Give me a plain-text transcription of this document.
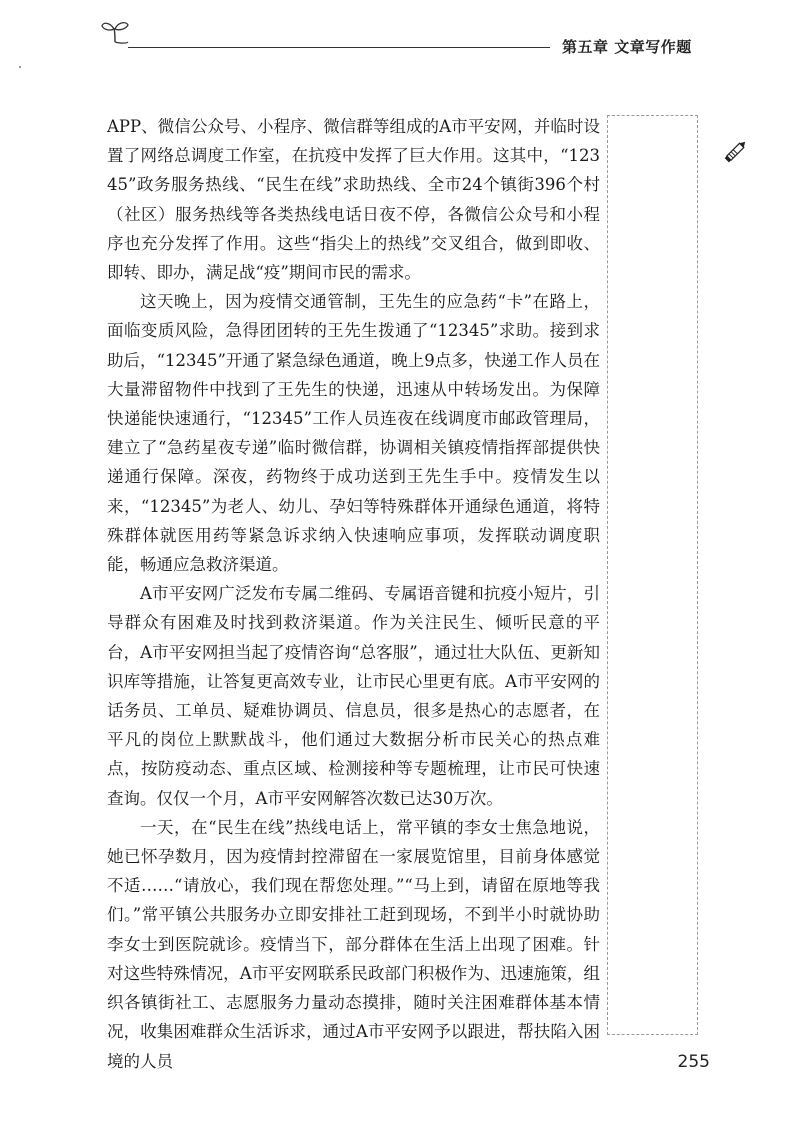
第五章 文章写作题

APP、微信公众号、小程序、微信群等组成的A市平安网，并临时设置了网络总调度工作室，在抗疫中发挥了巨大作用。这其中，“12345”政务服务热线、“民生在线”求助热线、全市24个镇街396个村（社区）服务热线等各类热线电话日夜不停，各微信公众号和小程序也充分发挥了作用。这些“指尖上的热线”交叉组合，做到即收、即转、即办，满足战“疫”期间市民的需求。

这天晚上，因为疫情交通管制，王先生的应急药“卡”在路上，面临变质风险，急得团团转的王先生拨通了“12345”求助。接到求助后，“12345”开通了紧急绿色通道，晚上9点多，快递工作人员在大量滞留物件中找到了王先生的快递，迅速从中转场发出。为保障快递能快速通行，“12345”工作人员连夜在线调度市邮政管理局，建立了“急药星夜专递”临时微信群，协调相关镇疫情指挥部提供快递通行保障。深夜，药物终于成功送到王先生手中。疫情发生以来，“12345”为老人、幼儿、孕妇等特殊群体开通绿色通道，将特殊群体就医用药等紧急诉求纳入快速响应事项，发挥联动调度职能，畅通应急救济渠道。

A市平安网广泛发布专属二维码、专属语音键和抗疫小短片，引导群众有困难及时找到救济渠道。作为关注民生、倾听民意的平台，A市平安网担当起了疫情咨询“总客服”，通过壮大队伍、更新知识库等措施，让答复更高效专业，让市民心里更有底。A市平安网的话务员、工单员、疑难协调员、信息员，很多是热心的志愿者，在平凡的岗位上默默战斗，他们通过大数据分析市民关心的热点难点，按防疫动态、重点区域、检测接种等专题梳理，让市民可快速查询。仅仅一个月，A市平安网解答次数已达30万次。

一天，在“民生在线”热线电话上，常平镇的李女士焦急地说，她已怀孕数月，因为疫情封控滞留在一家展览馆里，目前身体感觉不适……“请放心，我们现在帮您处理。”“马上到，请留在原地等我们。”常平镇公共服务办立即安排社工赶到现场，不到半小时就协助李女士到医院就诊。疫情当下，部分群体在生活上出现了困难。针对这些特殊情况，A市平安网联系民政部门积极作为、迅速施策，组织各镇街社工、志愿服务力量动态摸排，随时关注困难群体基本情况，收集困难群众生活诉求，通过A市平安网予以跟进，帮扶陷入困境的人员	255
